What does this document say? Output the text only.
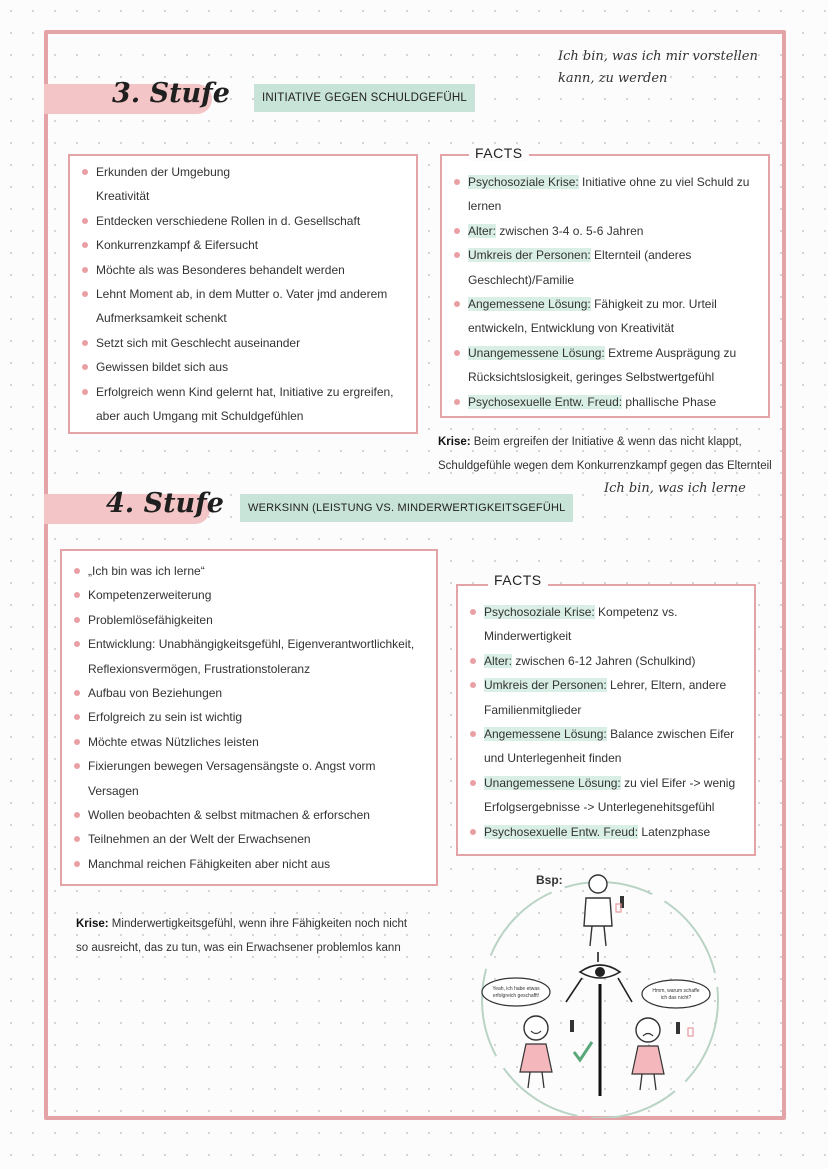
Ich bin, was ich mir vorstellen
kann, zu werden
3. Stufe	INITIATIVE GEGEN SCHULDGEFÜHL
Erkunden der Umgebung
Kreativität
Entdecken verschiedene Rollen in d. Gesellschaft
Konkurrenzkampf & Eifersucht
Möchte als was Besonderes behandelt werden
Lehnt Moment ab, in dem Mutter o. Vater jmd anderem
Aufmerksamkeit schenkt
Setzt sich mit Geschlecht auseinander
Gewissen bildet sich aus
Erfolgreich wenn Kind gelernt hat, Initiative zu ergreifen,
aber auch Umgang mit Schuldgefühlen
Psychosoziale Krise: Initiative ohne zu viel Schuld zu
lernen
Alter: zwischen 3-4 o. 5-6 Jahren
Umkreis der Personen: Elternteil (anderes
Geschlecht)/Familie
Angemessene Lösung: Fähigkeit zu mor. Urteil
entwickeln, Entwicklung von Kreativität
Unangemessene Lösung: Extreme Ausprägung zu
Rücksichtslosigkeit, geringes Selbstwertgefühl
Psychosexuelle Entw. Freud: phallische Phase
FACTS
Krise: Beim ergreifen der Initiative & wenn das nicht klappt,
Schuldgefühle wegen dem Konkurrenzkampf gegen das Elternteil
Ich bin, was ich lerne
4. Stufe	WERKSINN (LEISTUNG VS. MINDERWERTIGKEITSGEFÜHL
„Ich bin was ich lerne“
Kompetenzerweiterung
Problemlösefähigkeiten
Entwicklung: Unabhängigkeitsgefühl, Eigenverantwortlichkeit,
Reflexionsvermögen, Frustrationstoleranz
Aufbau von Beziehungen
Erfolgreich zu sein ist wichtig
Möchte etwas Nützliches leisten
Fixierungen bewegen Versagensängste o. Angst vorm
Versagen
Wollen beobachten & selbst mitmachen & erforschen
Teilnehmen an der Welt der Erwachsenen
Manchmal reichen Fähigkeiten aber nicht aus
Psychosoziale Krise: Kompetenz vs.
Minderwertigkeit
Alter: zwischen 6-12 Jahren (Schulkind)
Umkreis der Personen: Lehrer, Eltern, andere
Familienmitglieder
Angemessene Lösung: Balance zwischen Eifer
und Unterlegenheit finden
Unangemessene Lösung: zu viel Eifer -> wenig
Erfolgsergebnisse -> Unterlegenehitsgefühl
Psychosexuelle Entw. Freud: Latenzphase
FACTS
Krise: Minderwertigkeitsgefühl, wenn ihre Fähigkeiten noch nicht
so ausreicht, das zu tun, was ein Erwachsener problemlos kann
Bsp:
Yeah, ich habe etwas
erfolgreich geschafft!
Hmm, warum schaffe
ich das nicht?
